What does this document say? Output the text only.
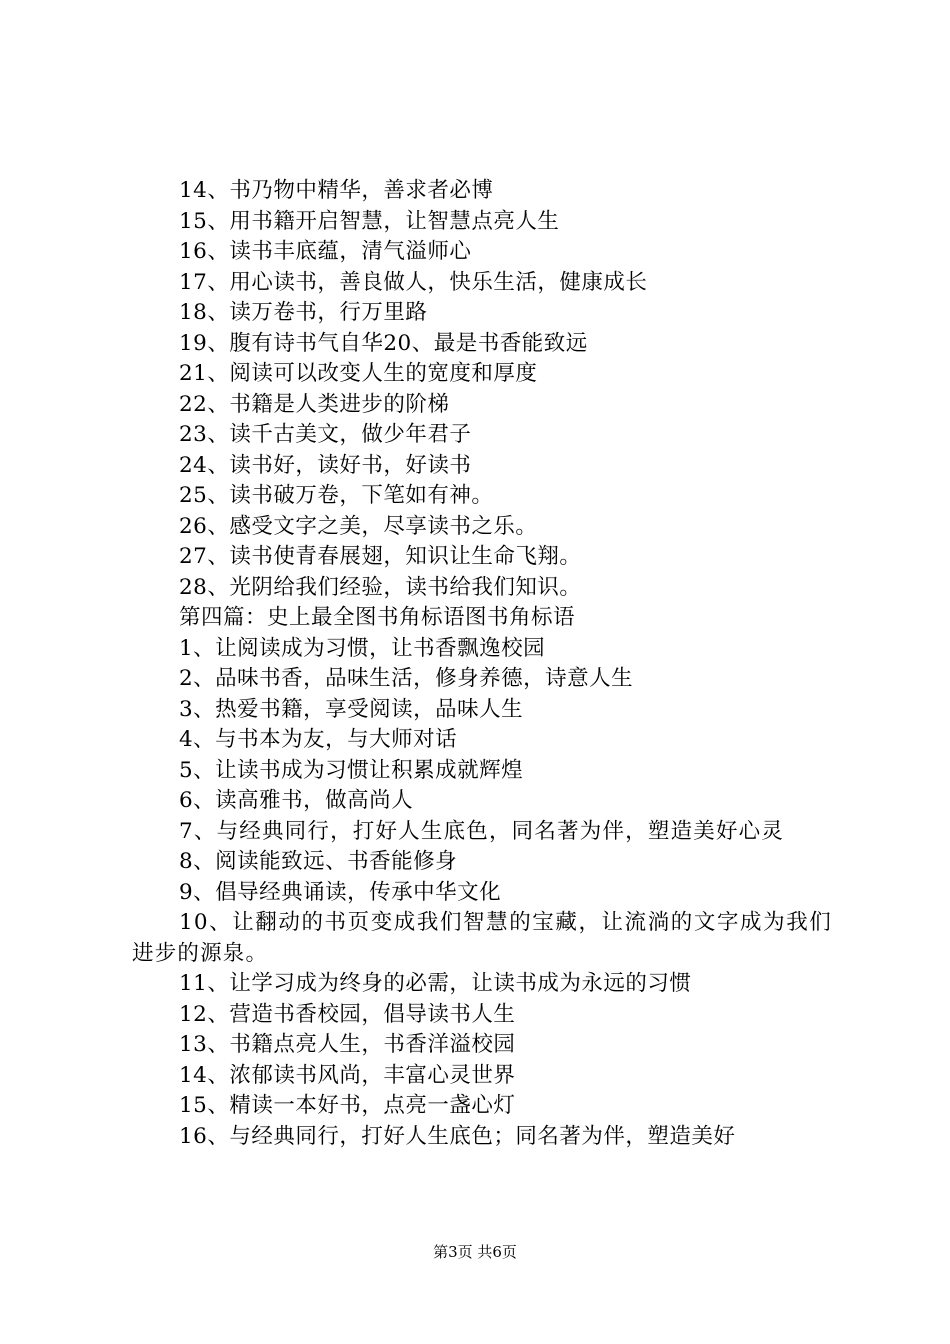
14、书乃物中精华，善求者必博
15、用书籍开启智慧，让智慧点亮人生
16、读书丰底蕴，清气溢师心
17、用心读书，善良做人，快乐生活，健康成长
18、读万卷书，行万里路
19、腹有诗书气自华20、最是书香能致远
21、阅读可以改变人生的宽度和厚度
22、书籍是人类进步的阶梯
23、读千古美文，做少年君子
24、读书好，读好书，好读书
25、读书破万卷，下笔如有神。
26、感受文字之美，尽享读书之乐。
27、读书使青春展翅，知识让生命飞翔。
28、光阴给我们经验，读书给我们知识。
第四篇：史上最全图书角标语图书角标语
1、让阅读成为习惯，让书香飘逸校园
2、品味书香，品味生活，修身养德，诗意人生
3、热爱书籍，享受阅读，品味人生
4、与书本为友，与大师对话
5、让读书成为习惯让积累成就辉煌
6、读高雅书，做高尚人
7、与经典同行，打好人生底色，同名著为伴，塑造美好心灵
8、阅读能致远、书香能修身
9、倡导经典诵读，传承中华文化
10、让翻动的书页变成我们智慧的宝藏，让流淌的文字成为我们进步的源泉。
11、让学习成为终身的必需，让读书成为永远的习惯
12、营造书香校园，倡导读书人生
13、书籍点亮人生，书香洋溢校园
14、浓郁读书风尚，丰富心灵世界
15、精读一本好书，点亮一盏心灯
16、与经典同行，打好人生底色；同名著为伴，塑造美好
第3页 共6页
